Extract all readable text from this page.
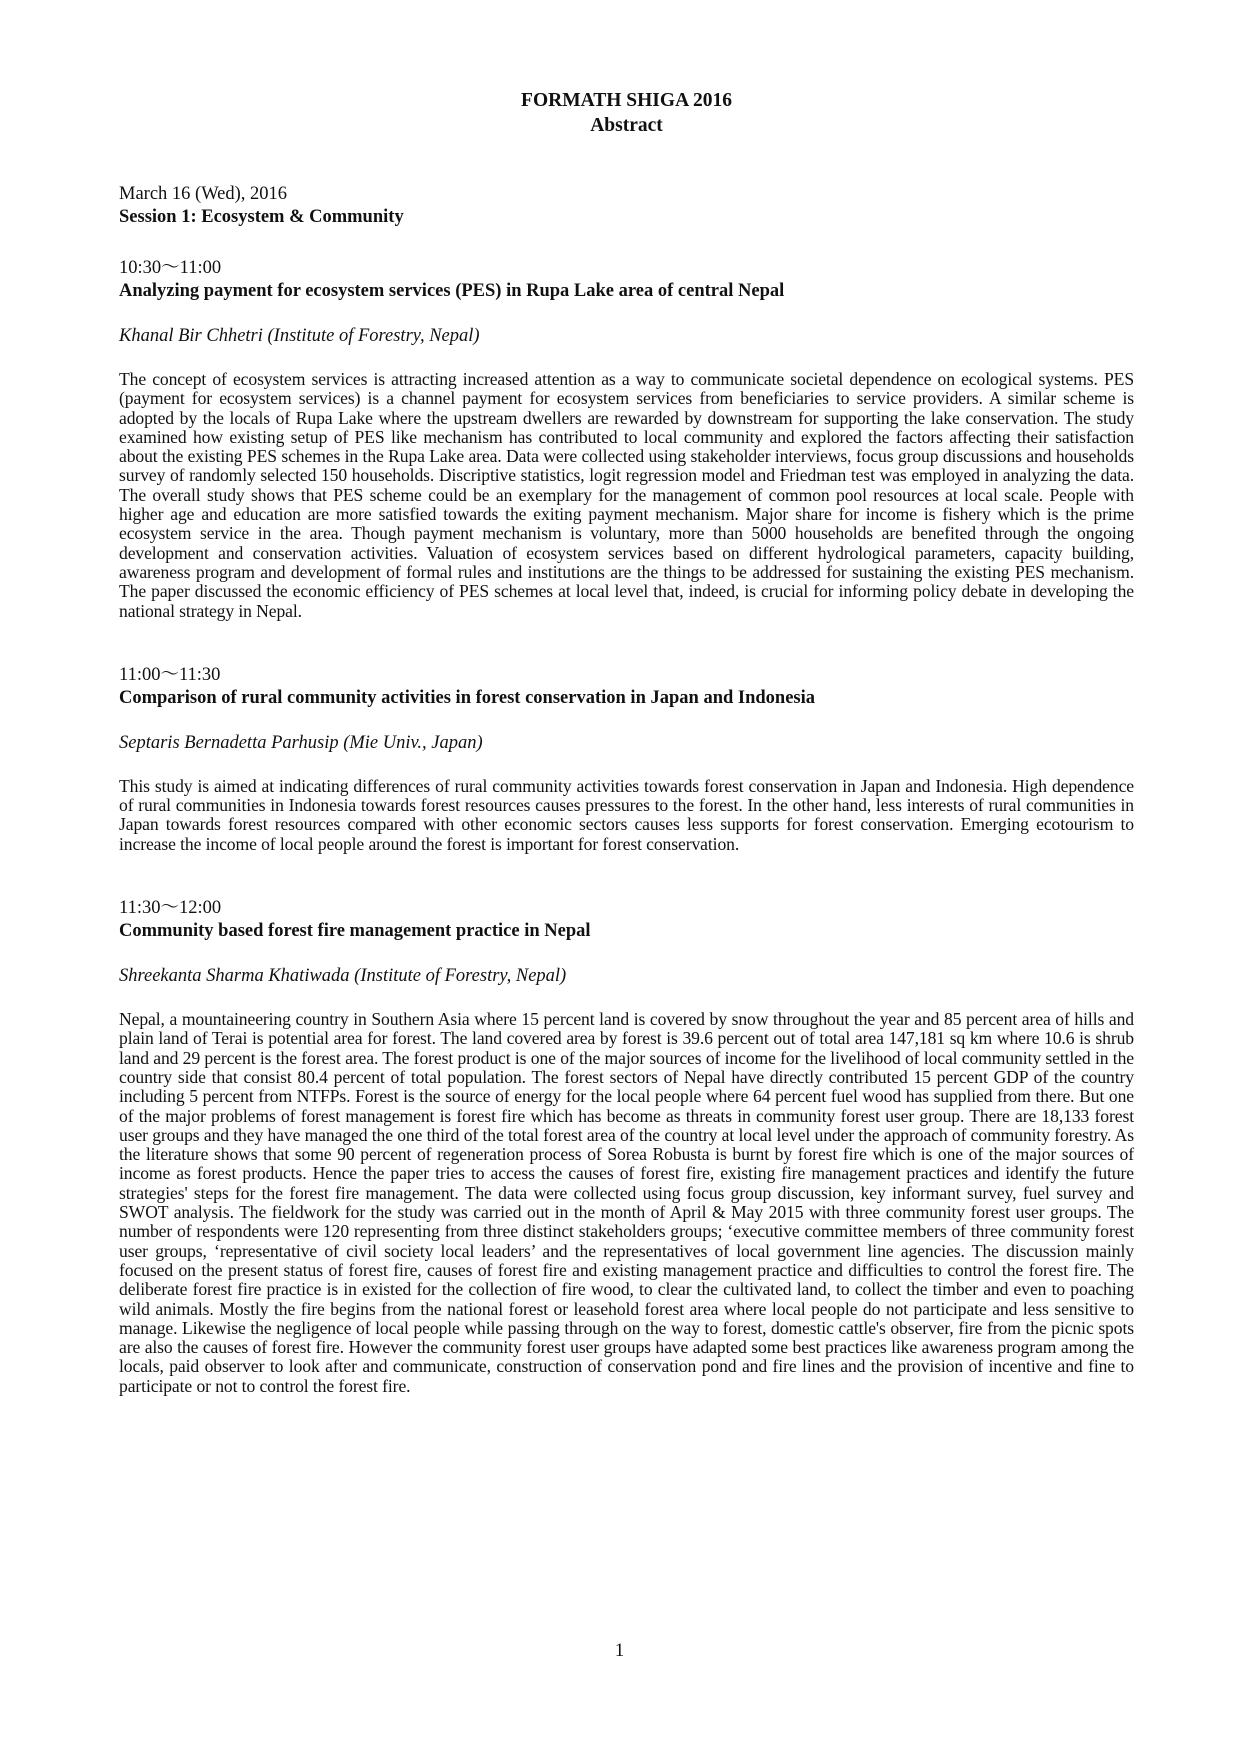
FORMATH SHIGA 2016
Abstract
March 16 (Wed), 2016
Session 1: Ecosystem & Community
10:30〜11:00
Analyzing payment for ecosystem services (PES) in Rupa Lake area of central Nepal
Khanal Bir Chhetri (Institute of Forestry, Nepal)
The concept of ecosystem services is attracting increased attention as a way to communicate societal dependence on ecological systems. PES (payment for ecosystem services) is a channel payment for ecosystem services from beneficiaries to service providers. A similar scheme is adopted by the locals of Rupa Lake where the upstream dwellers are rewarded by downstream for supporting the lake conservation. The study examined how existing setup of PES like mechanism has contributed to local community and explored the factors affecting their satisfaction about the existing PES schemes in the Rupa Lake area. Data were collected using stakeholder interviews, focus group discussions and households survey of randomly selected 150 households. Discriptive statistics, logit regression model and Friedman test was employed in analyzing the data. The overall study shows that PES scheme could be an exemplary for the management of common pool resources at local scale. People with higher age and education are more satisfied towards the exiting payment mechanism. Major share for income is fishery which is the prime ecosystem service in the area. Though payment mechanism is voluntary, more than 5000 households are benefited through the ongoing development and conservation activities. Valuation of ecosystem services based on different hydrological parameters, capacity building, awareness program and development of formal rules and institutions are the things to be addressed for sustaining the existing PES mechanism. The paper discussed the economic efficiency of PES schemes at local level that, indeed, is crucial for informing policy debate in developing the national strategy in Nepal.
11:00〜11:30
Comparison of rural community activities in forest conservation in Japan and Indonesia
Septaris Bernadetta Parhusip (Mie Univ., Japan)
This study is aimed at indicating differences of rural community activities towards forest conservation in Japan and Indonesia. High dependence of rural communities in Indonesia towards forest resources causes pressures to the forest. In the other hand, less interests of rural communities in Japan towards forest resources compared with other economic sectors causes less supports for forest conservation. Emerging ecotourism to increase the income of local people around the forest is important for forest conservation.
11:30〜12:00
Community based forest fire management practice in Nepal
Shreekanta Sharma Khatiwada (Institute of Forestry, Nepal)
Nepal, a mountaineering country in Southern Asia where 15 percent land is covered by snow throughout the year and 85 percent area of hills and plain land of Terai is potential area for forest. The land covered area by forest is 39.6 percent out of total area 147,181 sq km where 10.6 is shrub land and 29 percent is the forest area. The forest product is one of the major sources of income for the livelihood of local community settled in the country side that consist 80.4 percent of total population. The forest sectors of Nepal have directly contributed 15 percent GDP of the country including 5 percent from NTFPs. Forest is the source of energy for the local people where 64 percent fuel wood has supplied from there. But one of the major problems of forest management is forest fire which has become as threats in community forest user group. There are 18,133 forest user groups and they have managed the one third of the total forest area of the country at local level under the approach of community forestry. As the literature shows that some 90 percent of regeneration process of Sorea Robusta is burnt by forest fire which is one of the major sources of income as forest products. Hence the paper tries to access the causes of forest fire, existing fire management practices and identify the future strategies' steps for the forest fire management. The data were collected using focus group discussion, key informant survey, fuel survey and SWOT analysis. The fieldwork for the study was carried out in the month of April & May 2015 with three community forest user groups. The number of respondents were 120 representing from three distinct stakeholders groups; ‘executive committee members of three community forest user groups, ‘representative of civil society local leaders’ and the representatives of local government line agencies. The discussion mainly focused on the present status of forest fire, causes of forest fire and existing management practice and difficulties to control the forest fire. The deliberate forest fire practice is in existed for the collection of fire wood, to clear the cultivated land, to collect the timber and even to poaching wild animals. Mostly the fire begins from the national forest or leasehold forest area where local people do not participate and less sensitive to manage. Likewise the negligence of local people while passing through on the way to forest, domestic cattle's observer, fire from the picnic spots are also the causes of forest fire. However the community forest user groups have adapted some best practices like awareness program among the locals, paid observer to look after and communicate, construction of conservation pond and fire lines and the provision of incentive and fine to participate or not to control the forest fire.
1
